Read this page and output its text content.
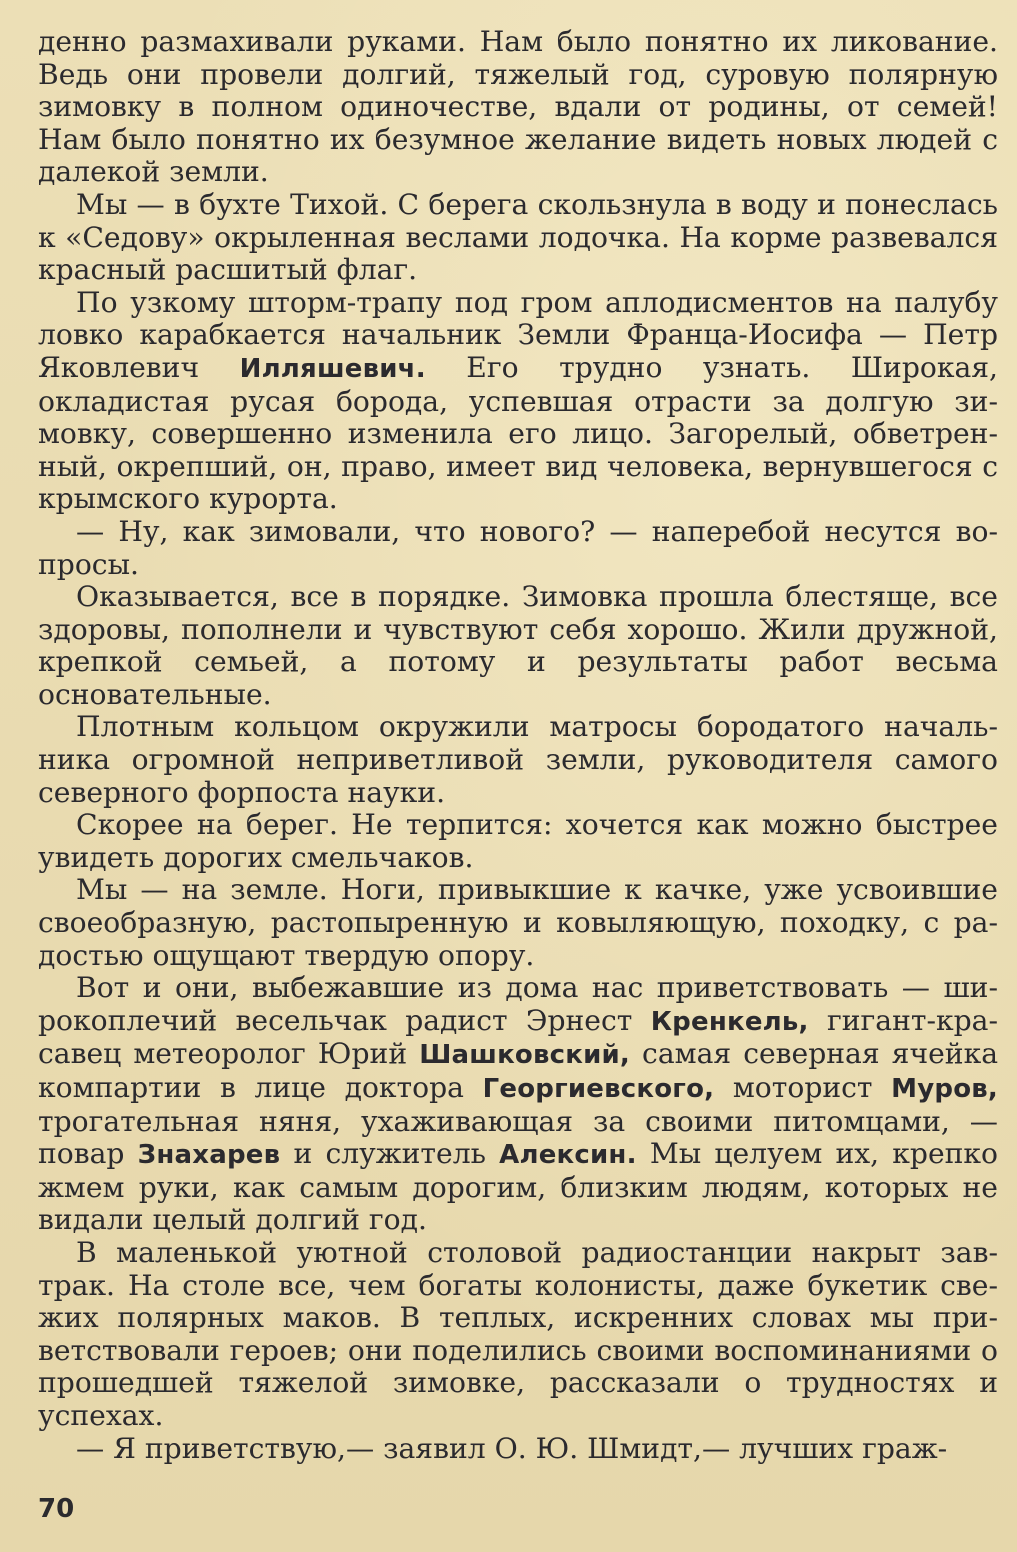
денно размахивали руками. Нам было понятно их ликование. Ведь они провели долгий, тяжелый год, суровую полярную зимовку в полном одиночестве, вдали от родины, от семей! Нам было понятно их безумное желание видеть новых людей с далекой земли.

Мы — в бухте Тихой. С берега скользнула в воду и понеслась к «Седову» окрыленная веслами лодочка. На корме развевался красный расшитый флаг.

По узкому шторм-трапу под гром аплодисментов на палубу ловко карабкается начальник Земли Франца-Иосифа — Петр Яковлевич Илляшевич. Его трудно узнать. Широкая, окладистая русая борода, успевшая отрасти за долгую зимовку, совершенно изменила его лицо. Загорелый, обветренный, окрепший, он, право, имеет вид человека, вернувшегося с крымского курорта.

— Ну, как зимовали, что нового? — наперебой несутся вопросы.

Оказывается, все в порядке. Зимовка прошла блестяще, все здоровы, пополнели и чувствуют себя хорошо. Жили дружной, крепкой семьей, а потому и результаты работ весьма основательные.

Плотным кольцом окружили матросы бородатого начальника огромной неприветливой земли, руководителя самого северного форпоста науки.

Скорее на берег. Не терпится: хочется как можно быстрее увидеть дорогих смельчаков.

Мы — на земле. Ноги, привыкшие к качке, уже усвоившие своеобразную, растопыренную и ковыляющую, походку, с радостью ощущают твердую опору.

Вот и они, выбежавшие из дома нас приветствовать — широкоплечий весельчак радист Эрнест Кренкель, гигант-красавец метеоролог Юрий Шашковский, самая северная ячейка компартии в лице доктора Георгиевского, моторист Муров, трогательная няня, ухаживающая за своими питомцами, — повар Знахарев и служитель Алексин. Мы целуем их, крепко жмем руки, как самым дорогим, близким людям, которых не видали целый долгий год.

В маленькой уютной столовой радиостанции накрыт завтрак. На столе все, чем богаты колонисты, даже букетик свежих полярных маков. В теплых, искренних словах мы приветствовали героев; они поделились своими воспоминаниями о прошедшей тяжелой зимовке, рассказали о трудностях и успехах.

— Я приветствую,— заявил О. Ю. Шмидт,— лучших граж-

70
